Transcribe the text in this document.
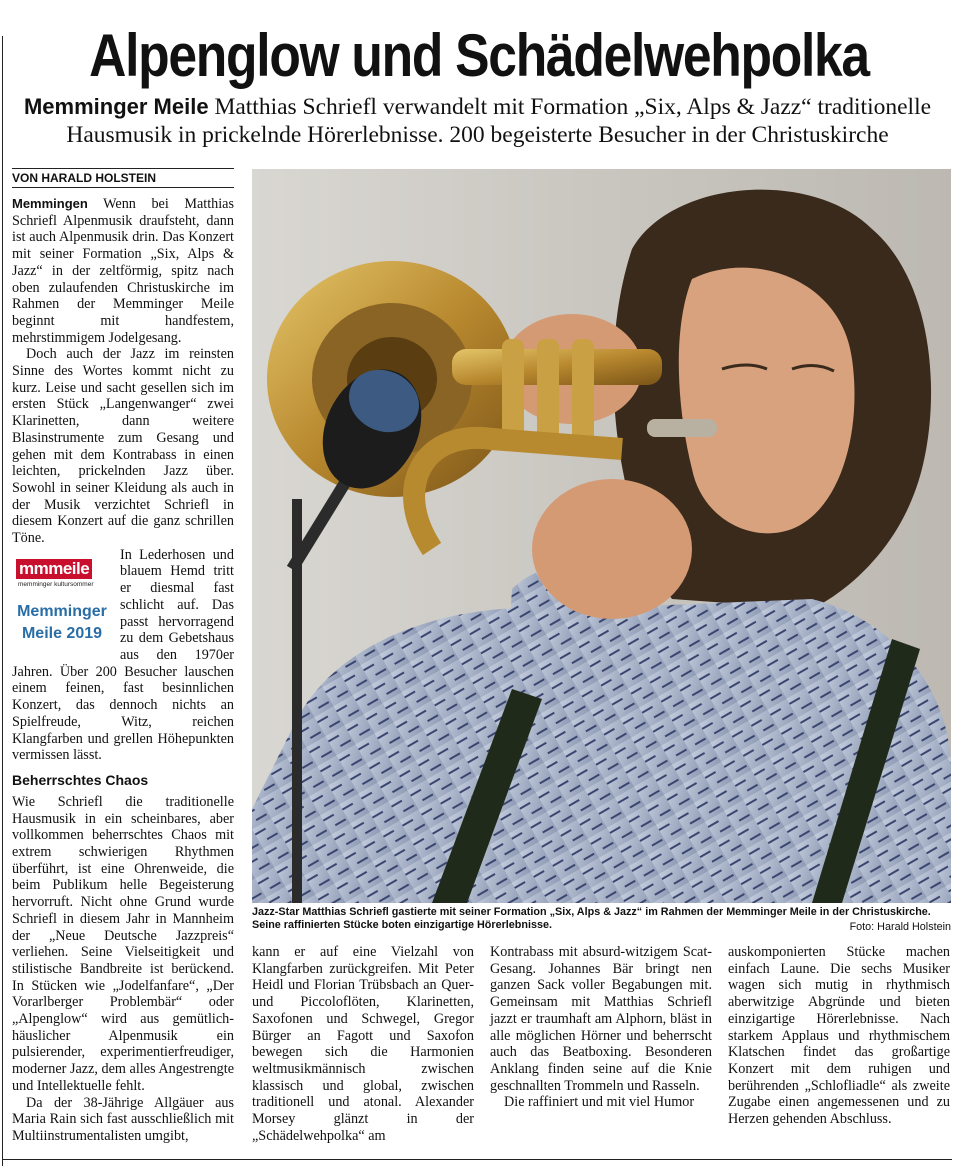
Alpenglow und Schädelwehpolka
Memminger Meile Matthias Schriefl verwandelt mit Formation „Six, Alps & Jazz“ traditionelle Hausmusik in prickelnde Hörerlebnisse. 200 begeisterte Besucher in der Christuskirche
VON HARALD HOLSTEIN

Memmingen Wenn bei Matthias Schriefl Alpenmusik draufsteht, dann ist auch Alpenmusik drin. Das Konzert mit seiner Formation „Six, Alps & Jazz“ in der zeltförmig, spitz nach oben zulaufenden Christuskirche im Rahmen der Memminger Meile beginnt mit handfestem, mehrstimmigem Jodelgesang.

Doch auch der Jazz im reinsten Sinne des Wortes kommt nicht zu kurz. Leise und sacht gesellen sich im ersten Stück „Langenwanger“ zwei Klarinetten, dann weitere Blasinstrumente zum Gesang und gehen mit dem Kontrabass in einen leichten, prickelnden Jazz über. Sowohl in seiner Kleidung als auch in der Musik verzichtet Schriefl in diesem Konzert auf die ganz schrillen Töne.

mmmeile
memminger kultursommer
Memminger
Meile 2019

In Lederhosen und blauem Hemd tritt er diesmal fast schlicht auf. Das passt hervorragend zu dem Gebetshaus aus den 1970er Jahren. Über 200 Besucher lauschen einem feinen, fast besinnlichen Konzert, das dennoch nichts an Spielfreude, Witz, reichen Klangfarben und grellen Höhepunkten vermissen lässt.

Beherrschtes Chaos

Wie Schriefl die traditionelle Hausmusik in ein scheinbares, aber vollkommen beherrschtes Chaos mit extrem schwierigen Rhythmen überführt, ist eine Ohrenweide, die beim Publikum helle Begeisterung hervorruft. Nicht ohne Grund wurde Schriefl in diesem Jahr in Mannheim der „Neue Deutsche Jazzpreis“ verliehen. Seine Vielseitigkeit und stilistische Bandbreite ist berückend. In Stücken wie „Jodelfanfare“, „Der Vorarlberger Problembär“ oder „Alpenglow“ wird aus gemütlich-häuslicher Alpenmusik ein pulsierender, experimentierfreudiger, moderner Jazz, dem alles Angestrengte und Intellektuelle fehlt.

Da der 38-Jährige Allgäuer aus Maria Rain sich fast ausschließlich mit Multiinstrumentalisten umgibt,

Jazz-Star Matthias Schriefl gastierte mit seiner Formation „Six, Alps & Jazz“ im Rahmen der Memminger Meile in der Christuskirche. Seine raffinierten Stücke boten einzigartige Hörerlebnisse.	Foto: Harald Holstein

kann er auf eine Vielzahl von Klangfarben zurückgreifen. Mit Peter Heidl und Florian Trübsbach an Quer- und Piccoloflöten, Klarinetten, Saxofonen und Schwegel, Gregor Bürger an Fagott und Saxofon bewegen sich die Harmonien weltmusikmännisch zwischen klassisch und global, zwischen traditionell und atonal. Alexander Morsey glänzt in der „Schädelwehpolka“ am

Kontrabass mit absurd-witzigem Scat-Gesang. Johannes Bär bringt nen ganzen Sack voller Begabungen mit. Gemeinsam mit Matthias Schriefl jazzt er traumhaft am Alphorn, bläst in alle möglichen Hörner und beherrscht auch das Beatboxing. Besonderen Anklang finden seine auf die Knie geschnallten Trommeln und Rasseln.

Die raffiniert und mit viel Humor

auskomponierten Stücke machen einfach Laune. Die sechs Musiker wagen sich mutig in rhythmisch aberwitzige Abgründe und bieten einzigartige Hörerlebnisse. Nach starkem Applaus und rhythmischem Klatschen findet das großartige Konzert mit dem ruhigen und berührenden „Schloflіadle“ als zweite Zugabe einen angemessenen und zu Herzen gehenden Abschluss.
